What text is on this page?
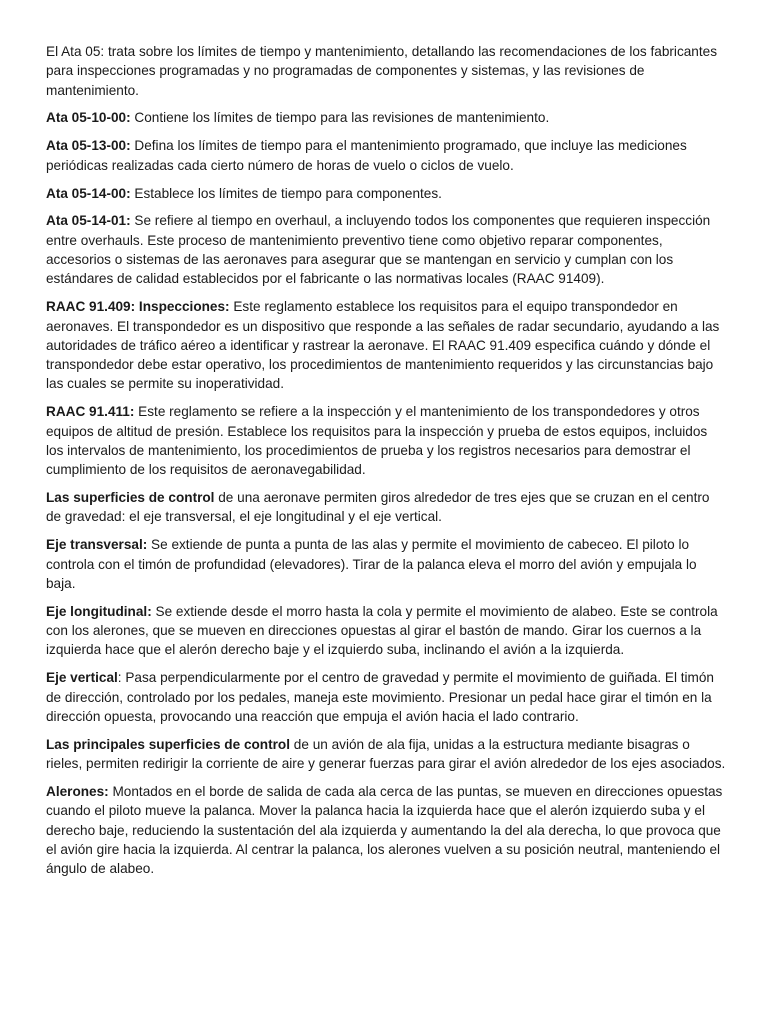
El Ata 05: trata sobre los límites de tiempo y mantenimiento, detallando las recomendaciones de los fabricantes para inspecciones programadas y no programadas de componentes y sistemas, y las revisiones de mantenimiento.

Ata 05-10-00: Contiene los límites de tiempo para las revisiones de mantenimiento.

Ata 05-13-00: Defina los límites de tiempo para el mantenimiento programado, que incluye las mediciones periódicas realizadas cada cierto número de horas de vuelo o ciclos de vuelo.

Ata 05-14-00: Establece los límites de tiempo para componentes.

Ata 05-14-01: Se refiere al tiempo en overhaul, a incluyendo todos los componentes que requieren inspección entre overhauls. Este proceso de mantenimiento preventivo tiene como objetivo reparar componentes, accesorios o sistemas de las aeronaves para asegurar que se mantengan en servicio y cumplan con los estándares de calidad establecidos por el fabricante o las normativas locales (RAAC 91409).

RAAC 91.409: Inspecciones: Este reglamento establece los requisitos para el equipo transpondedor en aeronaves. El transpondedor es un dispositivo que responde a las señales de radar secundario, ayudando a las autoridades de tráfico aéreo a identificar y rastrear la aeronave. El RAAC 91.409 especifica cuándo y dónde el transpondedor debe estar operativo, los procedimientos de mantenimiento requeridos y las circunstancias bajo las cuales se permite su inoperatividad.

RAAC 91.411: Este reglamento se refiere a la inspección y el mantenimiento de los transpondedores y otros equipos de altitud de presión. Establece los requisitos para la inspección y prueba de estos equipos, incluidos los intervalos de mantenimiento, los procedimientos de prueba y los registros necesarios para demostrar el cumplimiento de los requisitos de aeronavegabilidad.

Las superficies de control de una aeronave permiten giros alrededor de tres ejes que se cruzan en el centro de gravedad: el eje transversal, el eje longitudinal y el eje vertical.

Eje transversal: Se extiende de punta a punta de las alas y permite el movimiento de cabeceo. El piloto lo controla con el timón de profundidad (elevadores). Tirar de la palanca eleva el morro del avión y empujala lo baja.

Eje longitudinal: Se extiende desde el morro hasta la cola y permite el movimiento de alabeo. Este se controla con los alerones, que se mueven en direcciones opuestas al girar el bastón de mando. Girar los cuernos a la izquierda hace que el alerón derecho baje y el izquierdo suba, inclinando el avión a la izquierda.

Eje vertical: Pasa perpendicularmente por el centro de gravedad y permite el movimiento de guiñada. El timón de dirección, controlado por los pedales, maneja este movimiento. Presionar un pedal hace girar el timón en la dirección opuesta, provocando una reacción que empuja el avión hacia el lado contrario.

Las principales superficies de control de un avión de ala fija, unidas a la estructura mediante bisagras o rieles, permiten redirigir la corriente de aire y generar fuerzas para girar el avión alrededor de los ejes asociados.

Alerones: Montados en el borde de salida de cada ala cerca de las puntas, se mueven en direcciones opuestas cuando el piloto mueve la palanca. Mover la palanca hacia la izquierda hace que el alerón izquierdo suba y el derecho baje, reduciendo la sustentación del ala izquierda y aumentando la del ala derecha, lo que provoca que el avión gire hacia la izquierda. Al centrar la palanca, los alerones vuelven a su posición neutral, manteniendo el ángulo de alabeo.
